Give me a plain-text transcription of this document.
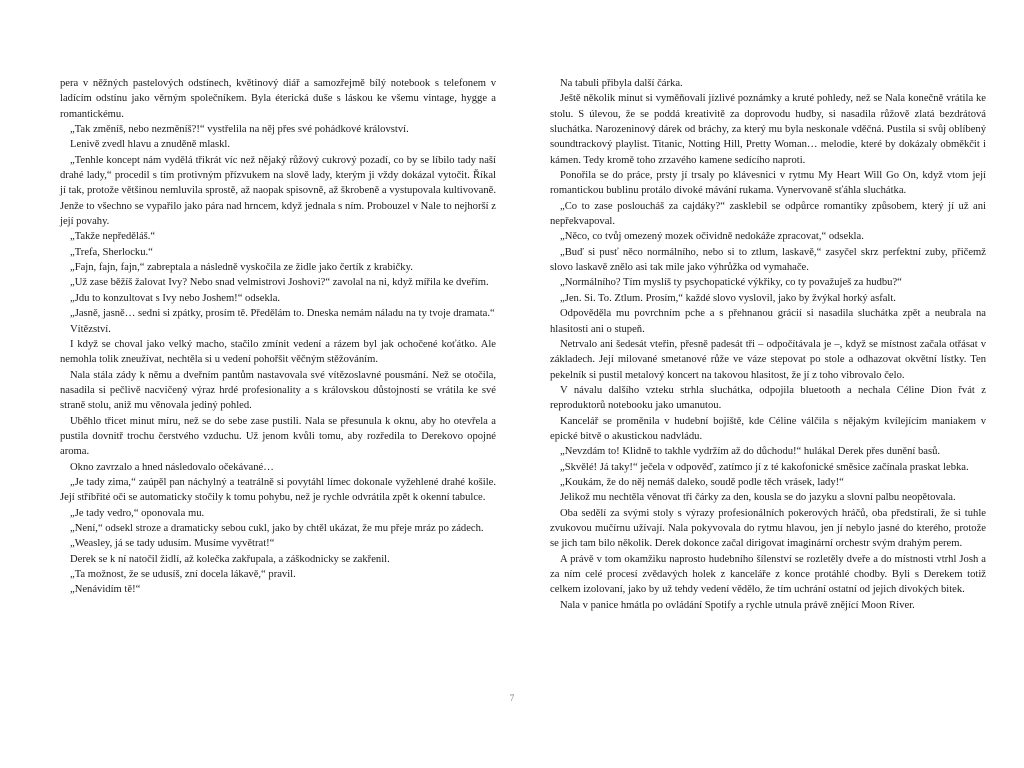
pera v něžných pastelových odstínech, květinový diář a samozřejmě bílý notebook s telefonem v ladícím odstínu jako věrným společníkem. Byla éterická duše s láskou ke všemu vintage, hygge a romantickému.

„Tak změníš, nebo nezměníš?!“ vystřelila na něj přes své pohádkové království.

Lenivě zvedl hlavu a znuděně mlaskl.

„Tenhle koncept nám vydělá třikrát víc než nějaký růžový cukrový pozadí, co by se líbilo tady naší drahé lady,“ procedil s tím protivným přízvukem na slově lady, kterým ji vždy dokázal vytočit. Říkal jí tak, protože většinou nemluvila sprostě, až naopak spisovně, až škrobeně a vystupovala kultivovaně. Jenže to všechno se vypařilo jako pára nad hrncem, když jednala s ním. Probouzel v Nale to nejhorší z její povahy.

„Takže nepředěláš.“

„Trefa, Sherlocku.“

„Fajn, fajn, fajn,“ zabreptala a následně vyskočila ze židle jako čertík z krabičky.

„Už zase běžíš žalovat Ivy? Nebo snad velmistrovi Joshovi?“ zavolal na ni, když mířila ke dveřím.

„Jdu to konzultovat s Ivy nebo Joshem!“ odsekla.

„Jasně, jasně… sedni si zpátky, prosím tě. Předělám to. Dneska nemám náladu na ty tvoje dramata.“

Vítězství.

I když se choval jako velký macho, stačilo zmínit vedení a rázem byl jak ochočené koťátko. Ale nemohla tolik zneužívat, nechtěla si u vedení pohořšit věčným stěžováním.

Nala stála zády k němu a dveřním pantům nastavovala své vítězoslavné pousmání. Než se otočila, nasadila si pečlivě nacvičený výraz hrdé profesionality a s královskou důstojností se vrátila ke své straně stolu, aniž mu věnovala jediný pohled.

Uběhlo třicet minut míru, než se do sebe zase pustili. Nala se přesunula k oknu, aby ho otevřela a pustila dovnitř trochu čerstvého vzduchu. Už jenom kvůli tomu, aby rozředila to Derekovo opojné aroma.

Okno zavrzalo a hned následovalo očekávané…

„Je tady zima,“ zaúpěl pan náchylný a teatrálně si povytáhl límec dokonale vyžehlené drahé košile. Její stříbřité oči se automaticky stočily k tomu pohybu, než je rychle odvrátila zpět k okenní tabulce.

„Je tady vedro,“ oponovala mu.

„Není,“ odsekl stroze a dramaticky sebou cukl, jako by chtěl ukázat, že mu přeje mráz po zádech.

„Weasley, já se tady udusím. Musíme vyvětrat!“

Derek se k ní natočil židlí, až kolečka zakřupala, a záškodnicky se zakřenil.

„Ta možnost, že se udusíš, zní docela lákavě,“ pravil.

„Nenávidím tě!“

Na tabuli přibyla další čárka.

Ještě několik minut si vyměňovali jízlivé poznámky a kruté pohledy, než se Nala konečně vrátila ke stolu. S úlevou, že se poddá kreativitě za doprovodu hudby, si nasadila růžově zlatá bezdrátová sluchátka. Narozeninový dárek od bráchy, za který mu byla neskonale vděčná. Pustila si svůj oblíbený soundtrackový playlist. Titanic, Notting Hill, Pretty Woman… melodie, které by dokázaly obměkčit i kámen. Tedy kromě toho zrzavého kamene sedícího naproti.

Ponořila se do práce, prsty jí trsaly po klávesnici v rytmu My Heart Will Go On, když vtom její romantickou bublinu protálo divoké mávání rukama. Vynervovaně sťáhla sluchátka.

„Co to zase posloucháš za cajdáky?“ zasklebil se odpůrce romantiky způsobem, který jí už ani nepřekvapoval.

„Něco, co tvůj omezený mozek očividně nedokáže zpracovat,“ odsekla.

„Buď si pusť něco normálního, nebo si to ztlum, laskavě,“ zasyčel skrz perfektní zuby, přičemž slovo laskavě znělo asi tak mile jako výhrůžka od vymahače.

„Normálního? Tím myslíš ty psychopatické výkřiky, co ty považuješ za hudbu?“

„Jen. Si. To. Ztlum. Prosím,“ každé slovo vyslovil, jako by žvýkal horký asfalt.

Odpověděla mu povrchním pche a s přehnanou grácií si nasadila sluchátka zpět a neubrala na hlasitosti ani o stupeň.

Netrvalo ani šedesát vteřin, přesně padesát tři – odpočítávala je –, když se místnost začala otřásat v základech. Její milované smetanové růže ve váze stepovat po stole a odhazovat okvětní lístky. Ten pekelník si pustil metalový koncert na takovou hlasitost, že jí z toho vibrovalo čelo.

V návalu dalšího vzteku strhla sluchátka, odpojila bluetooth a nechala Céline Dion řvát z reproduktorů notebooku jako umanutou.

Kancelář se proměnila v hudební bojiště, kde Céline válčila s nějakým kvílejícím maniakem v epické bitvě o akustickou nadvládu.

„Nevzdám to! Klidně to takhle vydržím až do důchodu!“ hulákal Derek přes dunění basů.

„Skvělé! Já taky!“ ječela v odpověď, zatímco jí z té kakofonické směsice začínala praskat lebka.

„Koukám, že do něj nemáš daleko, soudě podle těch vrásek, lady!“

Jelikož mu nechtěla věnovat tři čárky za den, kousla se do jazyku a slovní palbu neopětovala.

Oba sedělí za svými stoly s výrazy profesionálních pokerových hráčů, oba předstírali, že si tuhle zvukovou mučírnu užívají. Nala pokyvovala do rytmu hlavou, jen jí nebylo jasné do kterého, protože se jich tam bilo několik. Derek dokonce začal dirigovat imaginární orchestr svým drahým perem.

A právě v tom okamžiku naprosto hudebního šílenství se rozletěly dveře a do místnosti vtrhl Josh a za ním celé procesí zvědavých holek z kanceláře z konce protáhlé chodby. Byli s Derekem totiž celkem izolovaní, jako by už tehdy vedení vědělo, že tím uchrání ostatní od jejich divokých bitek.

Nala v panice hmátla po ovládání Spotify a rychle utnula právě znějící Moon River.

7
